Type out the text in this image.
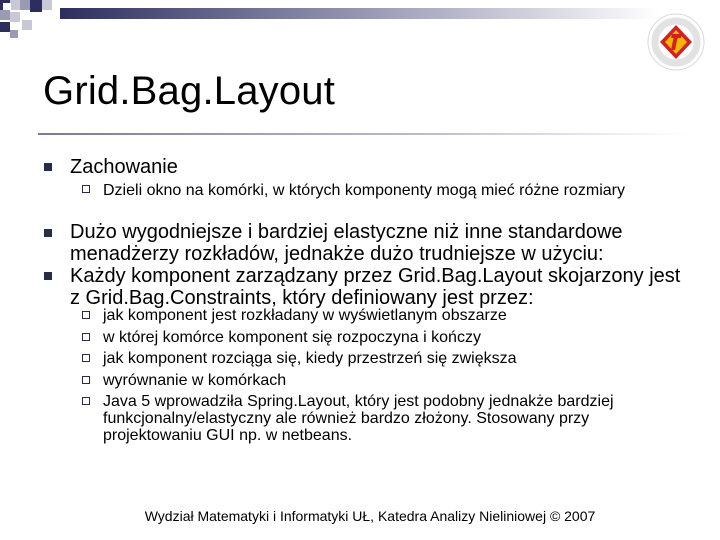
Grid.Bag.Layout
Zachowanie
Dzieli okno na komórki, w których komponenty mogą mieć różne rozmiary
Dużo wygodniejsze i bardziej elastyczne niż inne standardowe menadżerzy rozkładów, jednakże dużo trudniejsze w użyciu:
Każdy komponent zarządzany przez Grid.Bag.Layout skojarzony jest z Grid.Bag.Constraints, który definiowany jest przez:
jak komponent jest rozkładany w wyświetlanym obszarze
w której komórce komponent się rozpoczyna i kończy
jak komponent rozciąga się, kiedy przestrzeń się zwiększa
wyrównanie w komórkach
Java 5 wprowadziła Spring.Layout, który jest podobny jednakże bardziej funkcjonalny/elastyczny ale również bardzo złożony. Stosowany przy projektowaniu GUI np. w netbeans.
Wydział Matematyki i Informatyki UŁ, Katedra Analizy Nieliniowej © 2007
